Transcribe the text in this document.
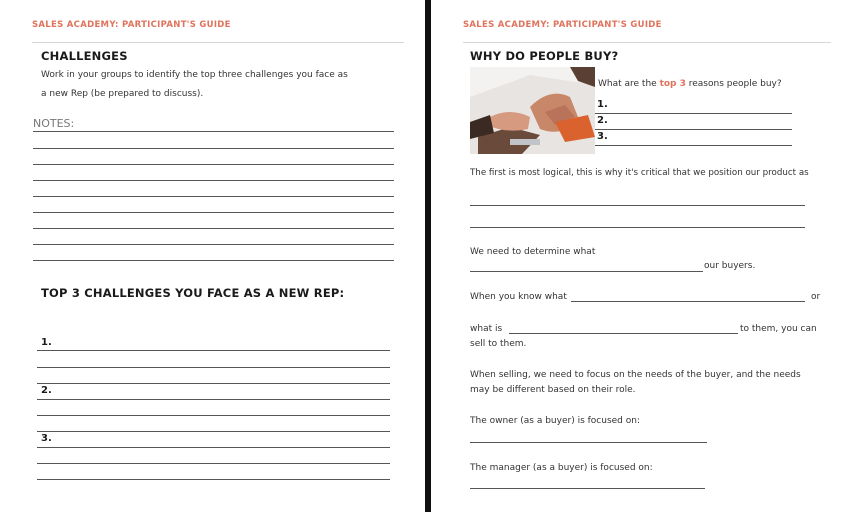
SALES ACADEMY: PARTICIPANT'S GUIDE
CHALLENGES
Work in your groups to identify the top three challenges you face as
a new Rep (be prepared to discuss).
NOTES:
TOP 3 CHALLENGES YOU FACE AS A NEW REP:
1.
2.
3.
SALES ACADEMY: PARTICIPANT'S GUIDE
WHY DO PEOPLE BUY?
What are the top 3 reasons people buy?
1.
2.
3.
The first is most logical, this is why it's critical that we position our product as
We need to determine what
our buyers.
When you know what	or
what is	to them, you can
sell to them.
When selling, we need to focus on the needs of the buyer, and the needs
may be different based on their role.
The owner (as a buyer) is focused on:
The manager (as a buyer) is focused on:
